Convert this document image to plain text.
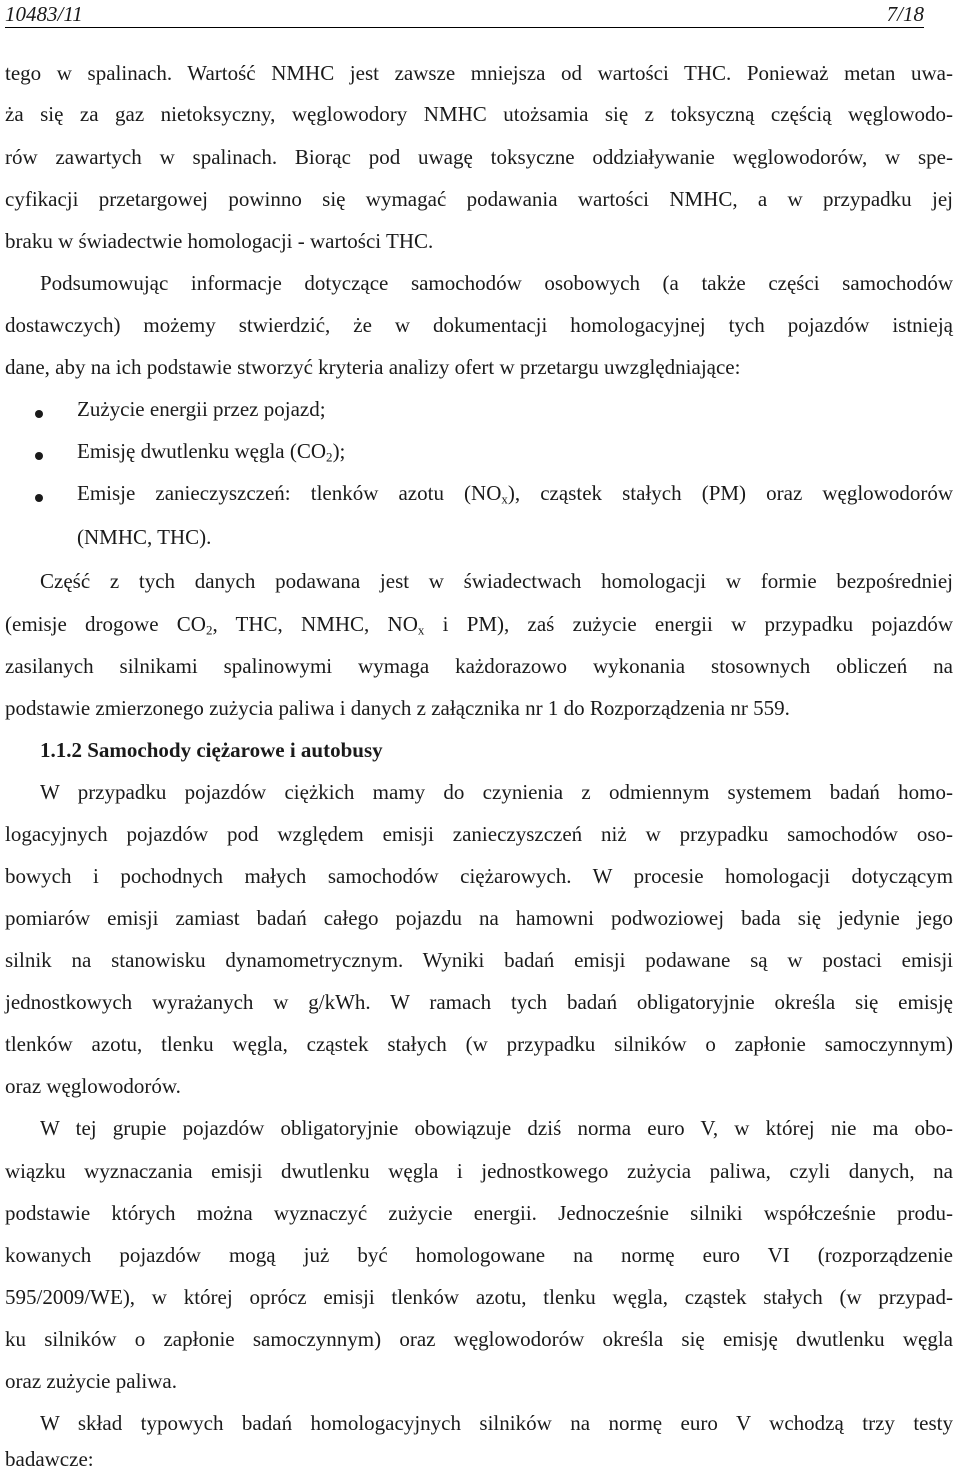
10483/11	7/18
tego w spalinach. Wartość NMHC jest zawsze mniejsza od wartości THC. Ponieważ metan uwa-
ża się za gaz nietoksyczny, węglowodory NMHC utożsamia się z toksyczną częścią węglowodo-
rów zawartych w spalinach. Biorąc pod uwagę toksyczne oddziaływanie węglowodorów, w spe-
cyfikacji przetargowej powinno się wymagać podawania wartości NMHC, a w przypadku jej
braku w świadectwie homologacji - wartości THC.
Podsumowując informacje dotyczące samochodów osobowych (a także części samochodów
dostawczych) możemy stwierdzić, że w dokumentacji homologacyjnej tych pojazdów istnieją
dane, aby na ich podstawie stworzyć kryteria analizy ofert w przetargu uwzględniające:
Zużycie energii przez pojazd;
Emisję dwutlenku węgla $(CO_2)$;
Emisje zanieczyszczeń: tlenków azotu $(NO_x)$, cząstek stałych (PM) oraz węglowodorów
(NMHC, THC).
Część z tych danych podawana jest w świadectwach homologacji w formie bezpośredniej
(emisje drogowe $CO_2$, THC, NMHC, $NO_x$ i PM), zaś zużycie energii w przypadku pojazdów
zasilanych silnikami spalinowymi wymaga każdorazowo wykonania stosownych obliczeń na
podstawie zmierzonego zużycia paliwa i danych z załącznika nr 1 do Rozporządzenia nr 559.
1.1.2 Samochody ciężarowe i autobusy
W przypadku pojazdów ciężkich mamy do czynienia z odmiennym systemem badań homo-
logacyjnych pojazdów pod względem emisji zanieczyszczeń niż w przypadku samochodów oso-
bowych i pochodnych małych samochodów ciężarowych. W procesie homologacji dotyczącym
pomiarów emisji zamiast badań całego pojazdu na hamowni podwoziowej bada się jedynie jego
silnik na stanowisku dynamometrycznym. Wyniki badań emisji podawane są w postaci emisji
jednostkowych wyrażanych w g/kWh. W ramach tych badań obligatoryjnie określa się emisję
tlenków azotu, tlenku węgla, cząstek stałych (w przypadku silników o zapłonie samoczynnym)
oraz węglowodorów.
W tej grupie pojazdów obligatoryjnie obowiązuje dziś norma euro V, w której nie ma obo-
wiązku wyznaczania emisji dwutlenku węgla i jednostkowego zużycia paliwa, czyli danych, na
podstawie których można wyznaczyć zużycie energii. Jednocześnie silniki współcześnie produ-
kowanych pojazdów mogą już być homologowane na normę euro VI (rozporządzenie
595/2009/WE), w której oprócz emisji tlenków azotu, tlenku węgla, cząstek stałych (w przypad-
ku silników o zapłonie samoczynnym) oraz węglowodorów określa się emisję dwutlenku węgla
oraz zużycie paliwa.
W skład typowych badań homologacyjnych silników na normę euro V wchodzą trzy testy
badawcze:
